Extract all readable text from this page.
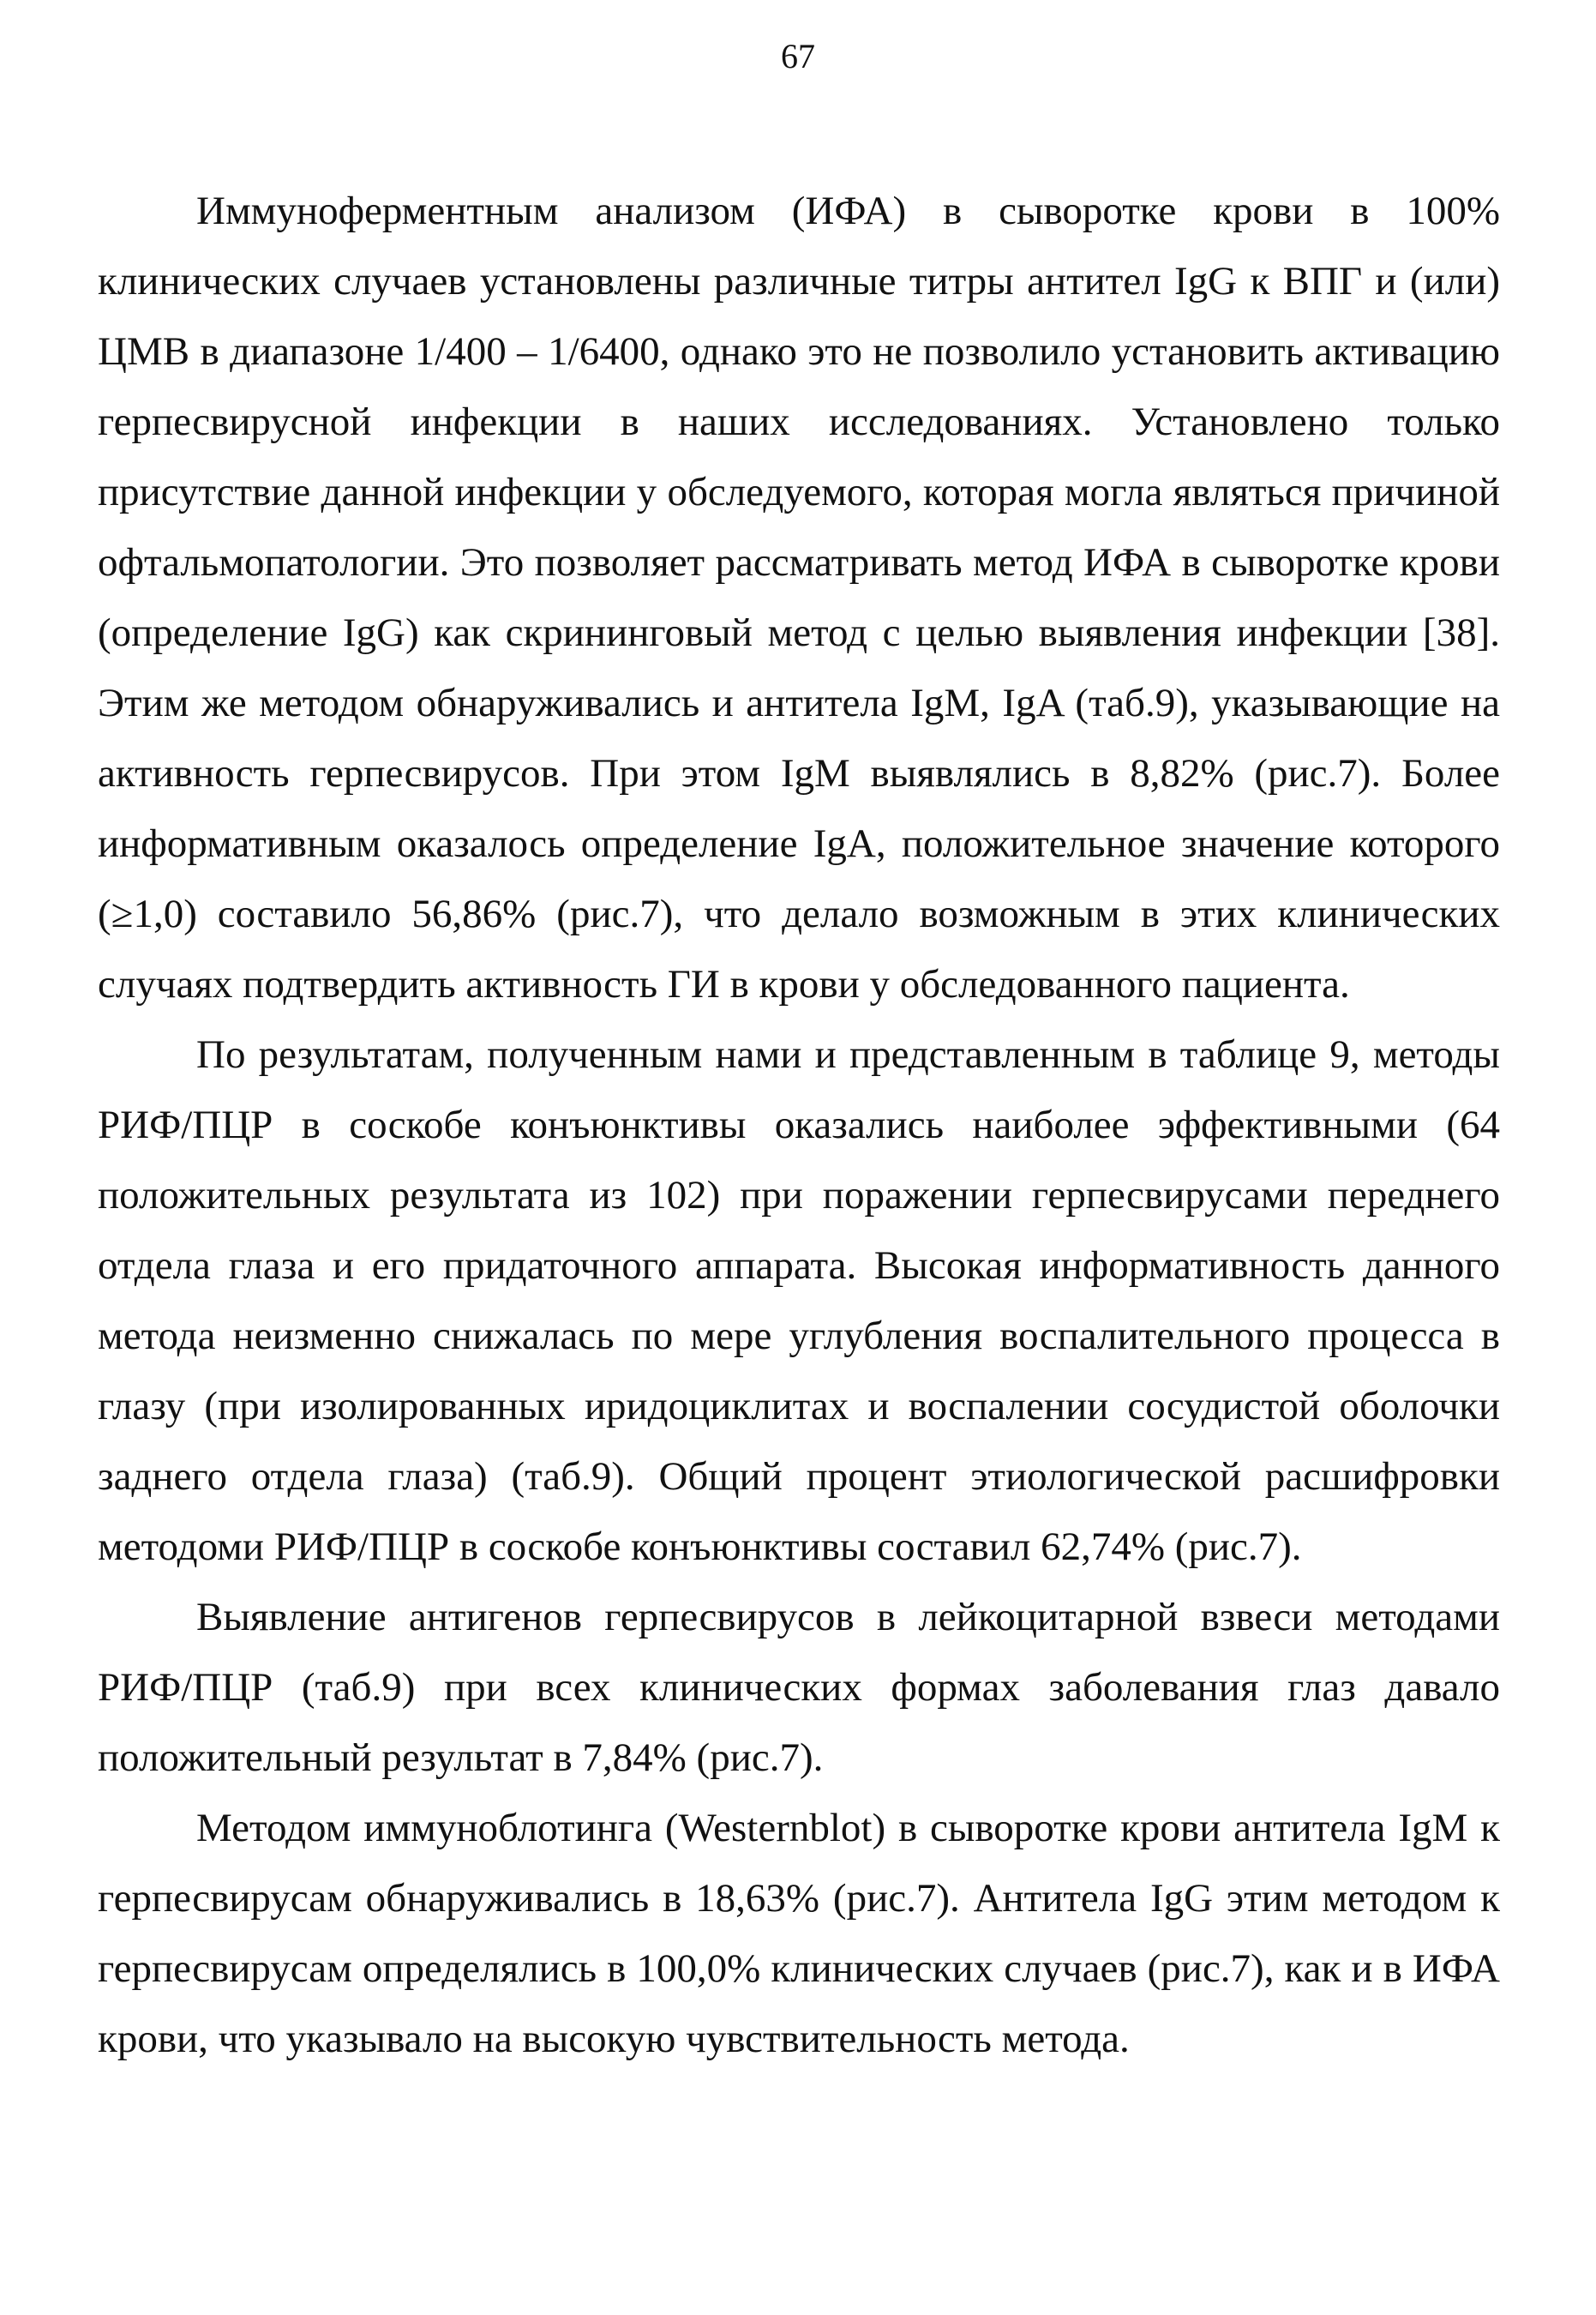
67

Иммуноферментным анализом (ИФА) в сыворотке крови в 100% клинических случаев установлены различные титры антител IgG к ВПГ и (или) ЦМВ в диапазоне 1/400 – 1/6400, однако это не позволило установить активацию герпесвирусной инфекции в наших исследованиях. Установлено только присутствие данной инфекции у обследуемого, которая могла являться причиной офтальмопатологии. Это позволяет рассматривать метод ИФА в сыворотке крови (определение IgG) как скрининговый метод с целью выявления инфекции [38]. Этим же методом обнаруживались и антитела IgM, IgA (таб.9), указывающие на активность герпесвирусов. При этом IgM выявлялись в 8,82% (рис.7). Более информативным оказалось определение IgA, положительное значение которого (≥1,0) составило 56,86% (рис.7), что делало возможным в этих клинических случаях подтвердить активность ГИ в крови у обследованного пациента.

По результатам, полученным нами и представленным в таблице 9, методы РИФ/ПЦР в соскобе конъюнктивы оказались наиболее эффективными (64 положительных результата из 102) при поражении герпесвирусами переднего отдела глаза и его придаточного аппарата. Высокая информативность данного метода неизменно снижалась по мере углубления воспалительного процесса в глазу (при изолированных иридоциклитах и воспалении сосудистой оболочки заднего отдела глаза) (таб.9). Общий процент этиологической расшифровки методоми РИФ/ПЦР в соскобе конъюнктивы составил 62,74% (рис.7).

Выявление антигенов герпесвирусов в лейкоцитарной взвеси методами РИФ/ПЦР (таб.9) при всех клинических формах заболевания глаз давало положительный результат в 7,84% (рис.7).

Методом иммуноблотинга (Westernblot) в сыворотке крови антитела IgM к герпесвирусам обнаруживались в 18,63% (рис.7). Антитела IgG этим методом к герпесвирусам определялись в 100,0% клинических случаев (рис.7), как и в ИФА крови, что указывало на высокую чувствительность метода.
